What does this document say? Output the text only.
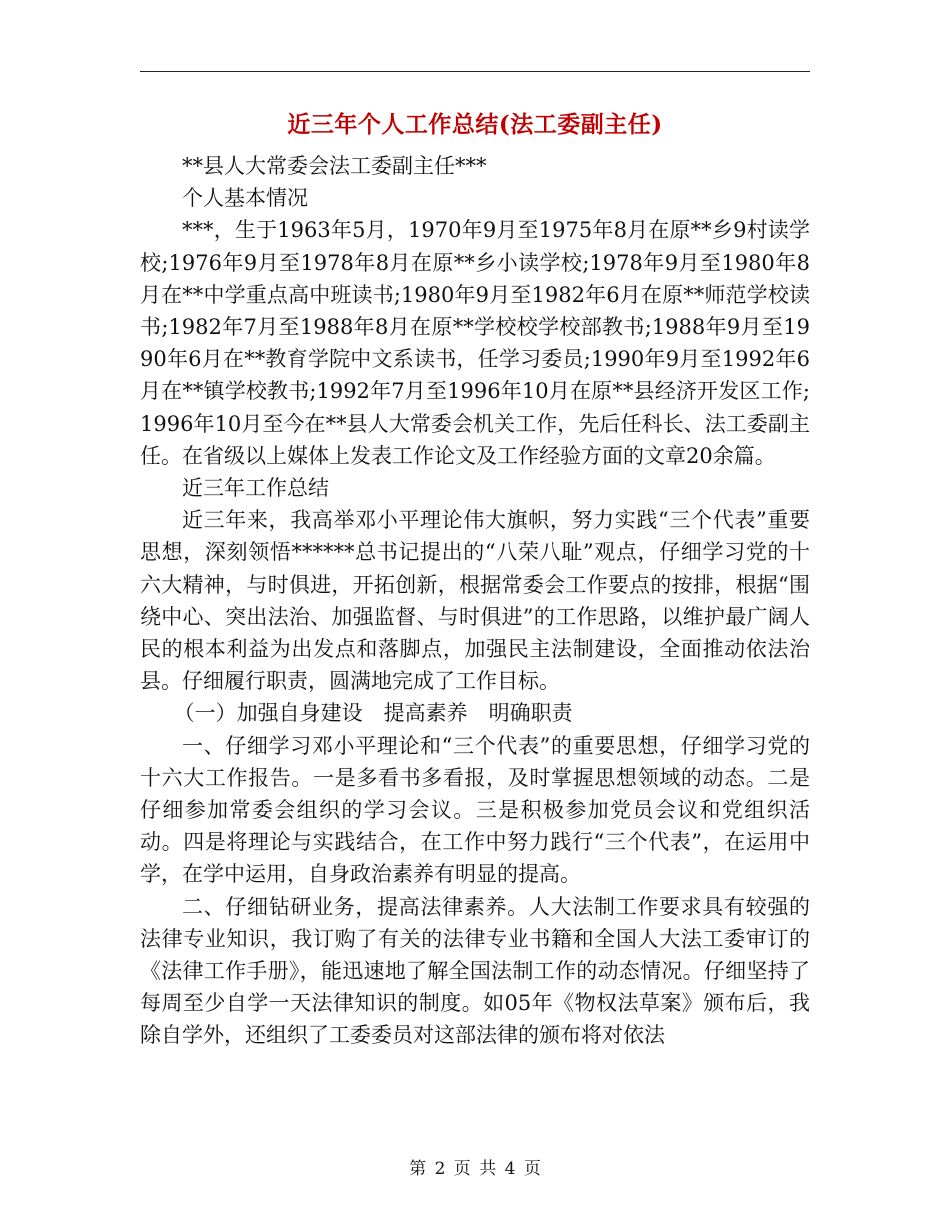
近三年个人工作总结(法工委副主任)

**县人大常委会法工委副主任***

个人基本情况

***，生于1963年5月，1970年9月至1975年8月在原**乡9村读学校;1976年9月至1978年8月在原**乡小读学校;1978年9月至1980年8月在**中学重点高中班读书;1980年9月至1982年6月在原**师范学校读书;1982年7月至1988年8月在原**学校校学校部教书;1988年9月至1990年6月在**教育学院中文系读书，任学习委员;1990年9月至1992年6月在**镇学校教书;1992年7月至1996年10月在原**县经济开发区工作;1996年10月至今在**县人大常委会机关工作，先后任科长、法工委副主任。在省级以上媒体上发表工作论文及工作经验方面的文章20余篇。

近三年工作总结

近三年来，我高举邓小平理论伟大旗帜，努力实践“三个代表”重要思想，深刻领悟******总书记提出的“八荣八耻”观点，仔细学习党的十六大精神，与时俱进，开拓创新，根据常委会工作要点的按排，根据“围绕中心、突出法治、加强监督、与时俱进”的工作思路，以维护最广阔人民的根本利益为出发点和落脚点，加强民主法制建设，全面推动依法治县。仔细履行职责，圆满地完成了工作目标。

（一）加强自身建设　提高素养　明确职责

一、仔细学习邓小平理论和“三个代表”的重要思想，仔细学习党的十六大工作报告。一是多看书多看报，及时掌握思想领域的动态。二是仔细参加常委会组织的学习会议。三是积极参加党员会议和党组织活动。四是将理论与实践结合，在工作中努力践行“三个代表”，在运用中学，在学中运用，自身政治素养有明显的提高。

二、仔细钻研业务，提高法律素养。人大法制工作要求具有较强的法律专业知识，我订购了有关的法律专业书籍和全国人大法工委审订的《法律工作手册》，能迅速地了解全国法制工作的动态情况。仔细坚持了每周至少自学一天法律知识的制度。如05年《物权法草案》颁布后，我除自学外，还组织了工委委员对这部法律的颁布将对依法

第 2 页 共 4 页
